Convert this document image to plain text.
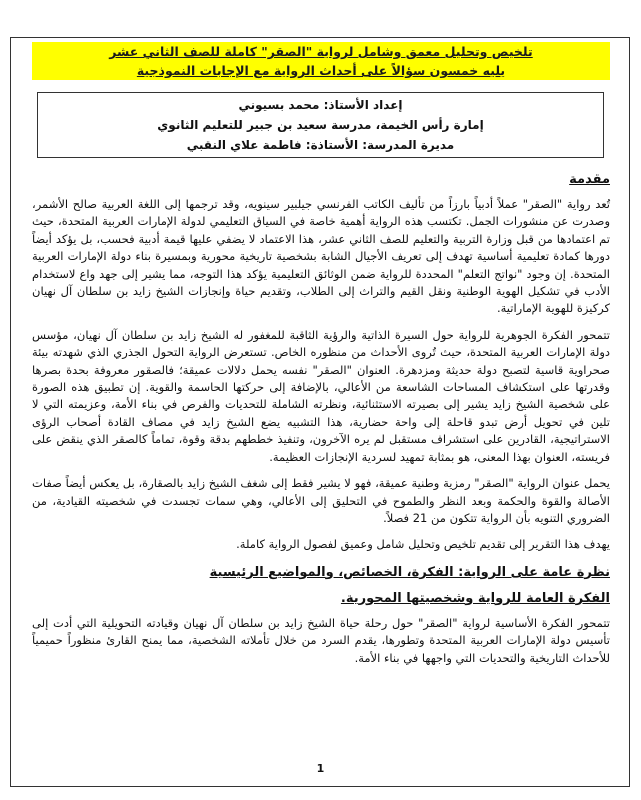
تلخيص وتحليل معمق وشامل لرواية "الصقر" كاملة للصف الثاني عشر
يليه خمسون سؤالاً على أحداث الرواية مع الإجابات النموذجية
إعداد الأستاذ: محمد بسيوني
إمارة رأس الخيمة، مدرسة سعيد بن جبير للتعليم الثانوي
مديرة المدرسة: الأستاذة: فاطمة علاي النقبي
مقدمة

تُعد رواية "الصقر" عملاً أدبياً بارزاً من تأليف الكاتب الفرنسي جيلبير سينويه، وقد ترجمها إلى اللغة العربية صالح الأشمر، وصدرت عن منشورات الجمل. تكتسب هذه الرواية أهمية خاصة في السياق التعليمي لدولة الإمارات العربية المتحدة، حيث تم اعتمادها من قبل وزارة التربية والتعليم للصف الثاني عشر، هذا الاعتماد لا يضفي عليها قيمة أدبية فحسب، بل يؤكد أيضاً دورها كمادة تعليمية أساسية تهدف إلى تعريف الأجيال الشابة بشخصية تاريخية محورية وبمسيرة بناء دولة الإمارات العربية المتحدة. إن وجود "نواتج التعلم" المحددة للرواية ضمن الوثائق التعليمية يؤكد هذا التوجه، مما يشير إلى جهد واع لاستخدام الأدب في تشكيل الهوية الوطنية ونقل القيم والتراث إلى الطلاب، وتقديم حياة وإنجازات الشيخ زايد بن سلطان آل نهيان كركيزة للهوية الإماراتية.

تتمحور الفكرة الجوهرية للرواية حول السيرة الذاتية والرؤية الثاقبة للمغفور له الشيخ زايد بن سلطان آل نهيان، مؤسس دولة الإمارات العربية المتحدة، حيث تُروى الأحداث من منظوره الخاص. تستعرض الرواية التحول الجذري الذي شهدته بيئة صحراوية قاسية لتصبح دولة حديثة ومزدهرة. العنوان "الصقر" نفسه يحمل دلالات عميقة؛ فالصقور معروفة بحدة بصرها وقدرتها على استكشاف المساحات الشاسعة من الأعالي، بالإضافة إلى حركتها الحاسمة والقوية. إن تطبيق هذه الصورة على شخصية الشيخ زايد يشير إلى بصيرته الاستثنائية، ونظرته الشاملة للتحديات والفرص في بناء الأمة، وعزيمته التي لا تلين في تحويل أرض تبدو قاحلة إلى واحة حضارية، هذا التشبيه يضع الشيخ زايد في مصاف القادة أصحاب الرؤى الاستراتيجية، القادرين على استشراف مستقبل لم يره الآخرون، وتنفيذ خططهم بدقة وقوة، تماماً كالصقر الذي ينقض على فريسته، العنوان بهذا المعنى، هو بمثابة تمهيد لسردية الإنجازات العظيمة.

يحمل عنوان الرواية "الصقر" رمزية وطنية عميقة، فهو لا يشير فقط إلى شغف الشيخ زايد بالصقارة، بل يعكس أيضاً صفات الأصالة والقوة والحكمة وبعد النظر والطموح في التحليق إلى الأعالي، وهي سمات تجسدت في شخصيته القيادية، من الضروري التنويه بأن الرواية تتكون من 21 فصلاً.

يهدف هذا التقرير إلى تقديم تلخيص وتحليل شامل وعميق لفصول الرواية كاملة.

نظرة عامة على الرواية: الفكرة، الخصائص، والمواضيع الرئيسية
الفكرة العامة للرواية وشخصيتها المحورية.

تتمحور الفكرة الأساسية لرواية "الصقر" حول رحلة حياة الشيخ زايد بن سلطان آل نهيان وقيادته التحويلية التي أدت إلى تأسيس دولة الإمارات العربية المتحدة وتطورها، يقدم السرد من خلال تأملاته الشخصية، مما يمنح القارئ منظوراً حميمياً للأحداث التاريخية والتحديات التي واجهها في بناء الأمة.

1
